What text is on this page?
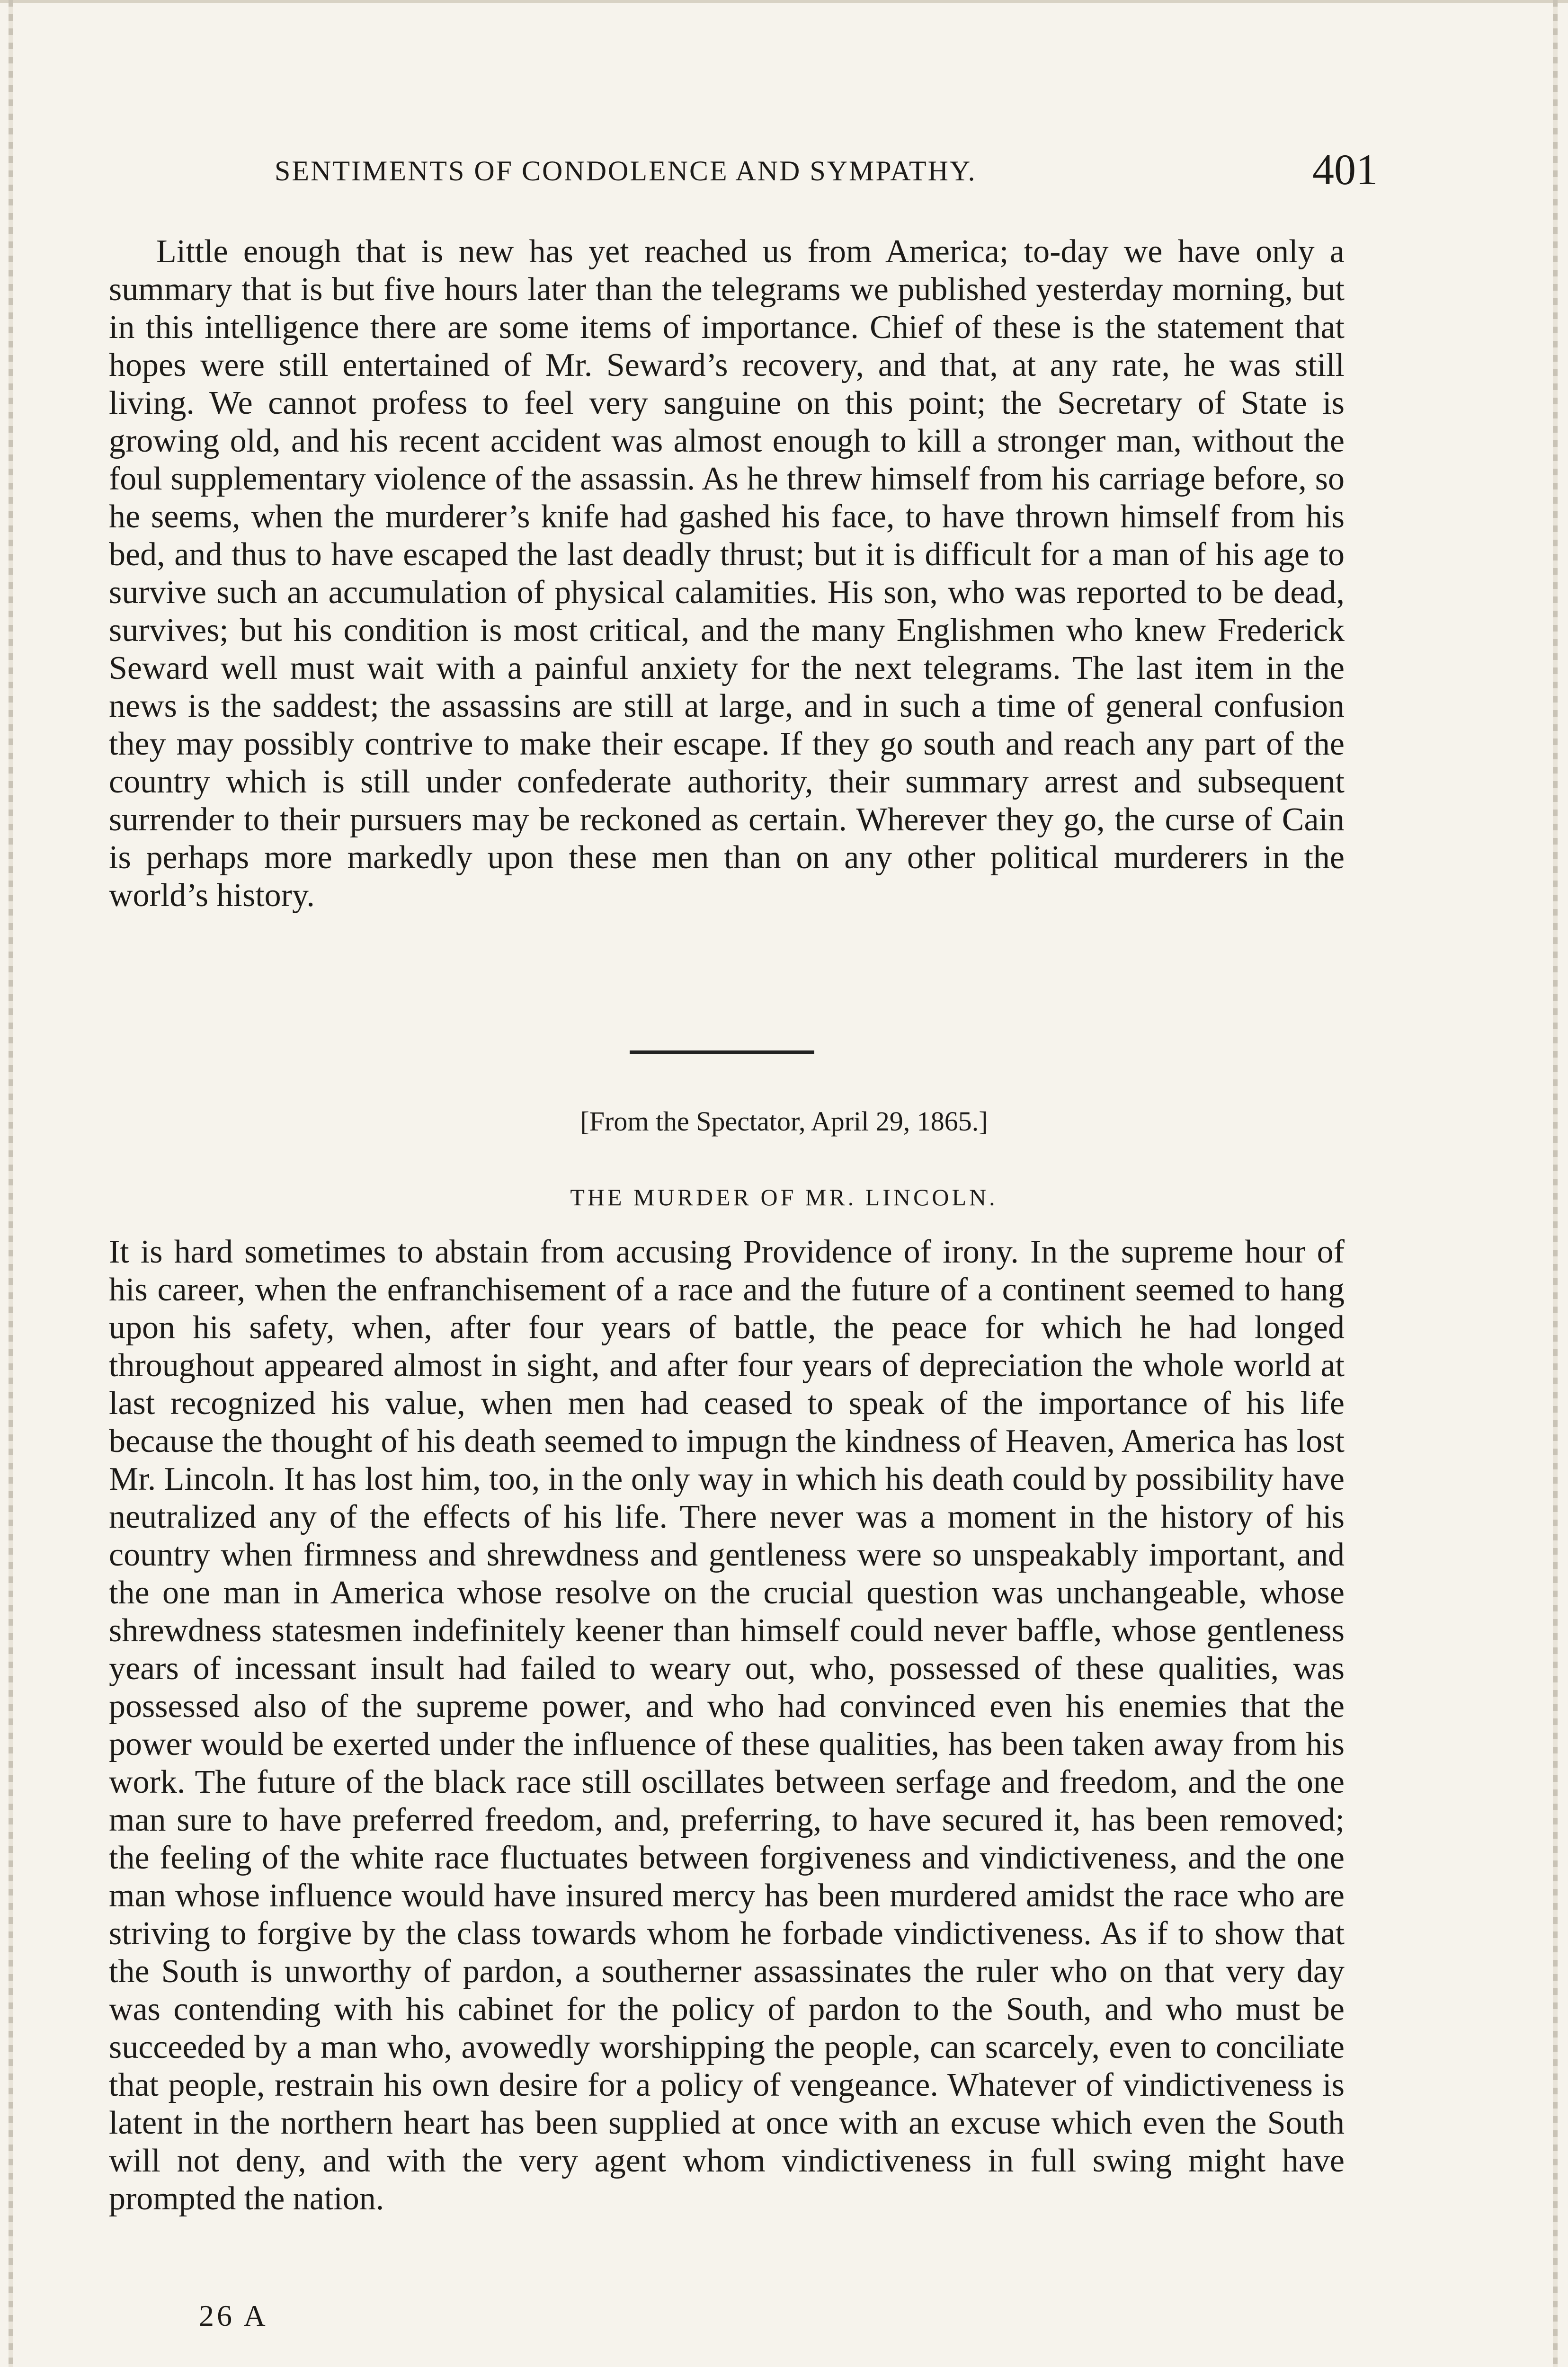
SENTIMENTS OF CONDOLENCE AND SYMPATHY.	401

Little enough that is new has yet reached us from America; to-day we have only a summary that is but five hours later than the telegrams we published yesterday morning, but in this intelligence there are some items of importance. Chief of these is the statement that hopes were still entertained of Mr. Seward’s recovery, and that, at any rate, he was still living. We cannot profess to feel very sanguine on this point; the Secretary of State is growing old, and his recent accident was almost enough to kill a stronger man, without the foul supplementary violence of the assassin. As he threw himself from his carriage before, so he seems, when the murderer’s knife had gashed his face, to have thrown himself from his bed, and thus to have escaped the last deadly thrust; but it is difficult for a man of his age to survive such an accumulation of physical calamities. His son, who was reported to be dead, survives; but his condition is most critical, and the many Englishmen who knew Frederick Seward well must wait with a painful anxiety for the next telegrams. The last item in the news is the saddest; the assassins are still at large, and in such a time of general confusion they may possibly contrive to make their escape. If they go south and reach any part of the country which is still under confederate authority, their summary arrest and subsequent surrender to their pursuers may be reckoned as certain. Wherever they go, the curse of Cain is perhaps more markedly upon these men than on any other political murderers in the world’s history.

[From the Spectator, April 29, 1865.]
THE MURDER OF MR. LINCOLN.

It is hard sometimes to abstain from accusing Providence of irony. In the supreme hour of his career, when the enfranchisement of a race and the future of a continent seemed to hang upon his safety, when, after four years of battle, the peace for which he had longed throughout appeared almost in sight, and after four years of depreciation the whole world at last recognized his value, when men had ceased to speak of the importance of his life because the thought of his death seemed to impugn the kindness of Heaven, America has lost Mr. Lincoln. It has lost him, too, in the only way in which his death could by possibility have neutralized any of the effects of his life. There never was a moment in the history of his country when firmness and shrewdness and gentleness were so unspeakably important, and the one man in America whose resolve on the crucial question was unchangeable, whose shrewdness statesmen indefinitely keener than himself could never baffle, whose gentleness years of incessant insult had failed to weary out, who, possessed of these qualities, was possessed also of the supreme power, and who had convinced even his enemies that the power would be exerted under the influence of these qualities, has been taken away from his work. The future of the black race still oscillates between serfage and freedom, and the one man sure to have preferred freedom, and, preferring, to have secured it, has been removed; the feeling of the white race fluctuates between forgiveness and vindictiveness, and the one man whose influence would have insured mercy has been murdered amidst the race who are striving to forgive by the class towards whom he forbade vindictiveness. As if to show that the South is unworthy of pardon, a southerner assassinates the ruler who on that very day was contending with his cabinet for the policy of pardon to the South, and who must be succeeded by a man who, avowedly worshipping the people, can scarcely, even to conciliate that people, restrain his own desire for a policy of vengeance. Whatever of vindictiveness is latent in the northern heart has been supplied at once with an excuse which even the South will not deny, and with the very agent whom vindictiveness in full swing might have prompted the nation.

26 A
